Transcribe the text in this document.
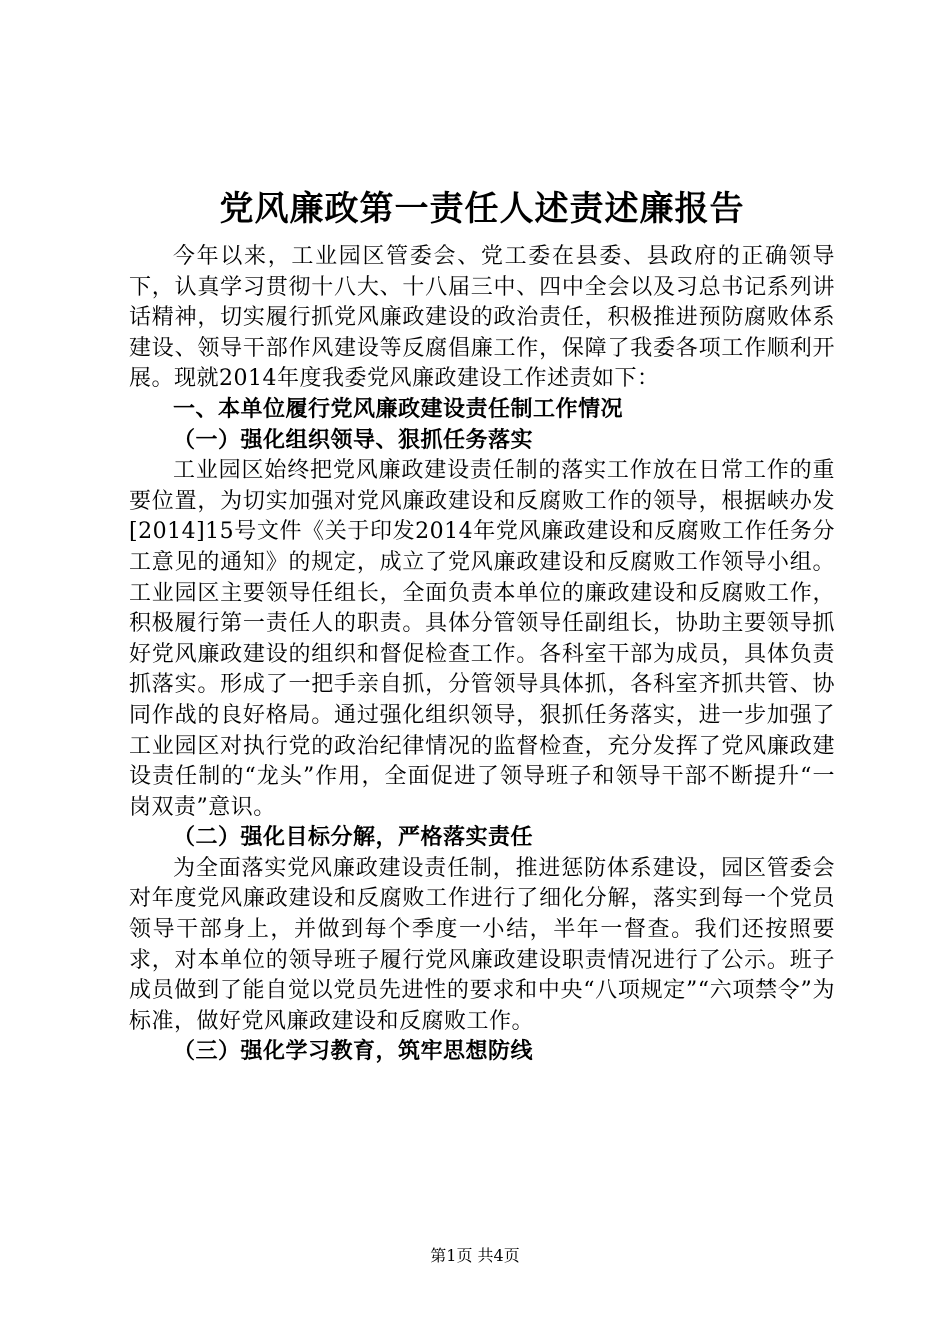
党风廉政第一责任人述责述廉报告

今年以来，工业园区管委会、党工委在县委、县政府的正确领导下，认真学习贯彻十八大、十八届三中、四中全会以及习总书记系列讲话精神，切实履行抓党风廉政建设的政治责任，积极推进预防腐败体系建设、领导干部作风建设等反腐倡廉工作，保障了我委各项工作顺利开展。现就2014年度我委党风廉政建设工作述责如下：

一、本单位履行党风廉政建设责任制工作情况

（一）强化组织领导、狠抓任务落实

工业园区始终把党风廉政建设责任制的落实工作放在日常工作的重要位置，为切实加强对党风廉政建设和反腐败工作的领导，根据峡办发[2014]15号文件《关于印发2014年党风廉政建设和反腐败工作任务分工意见的通知》的规定，成立了党风廉政建设和反腐败工作领导小组。工业园区主要领导任组长，全面负责本单位的廉政建设和反腐败工作，积极履行第一责任人的职责。具体分管领导任副组长，协助主要领导抓好党风廉政建设的组织和督促检查工作。各科室干部为成员，具体负责抓落实。形成了一把手亲自抓，分管领导具体抓，各科室齐抓共管、协同作战的良好格局。通过强化组织领导，狠抓任务落实，进一步加强了工业园区对执行党的政治纪律情况的监督检查，充分发挥了党风廉政建设责任制的“龙头”作用，全面促进了领导班子和领导干部不断提升“一岗双责”意识。

（二）强化目标分解，严格落实责任

为全面落实党风廉政建设责任制，推进惩防体系建设，园区管委会对年度党风廉政建设和反腐败工作进行了细化分解，落实到每一个党员领导干部身上，并做到每个季度一小结，半年一督查。我们还按照要求，对本单位的领导班子履行党风廉政建设职责情况进行了公示。班子成员做到了能自觉以党员先进性的要求和中央“八项规定”“六项禁令”为标准，做好党风廉政建设和反腐败工作。

（三）强化学习教育，筑牢思想防线

第1页 共4页
